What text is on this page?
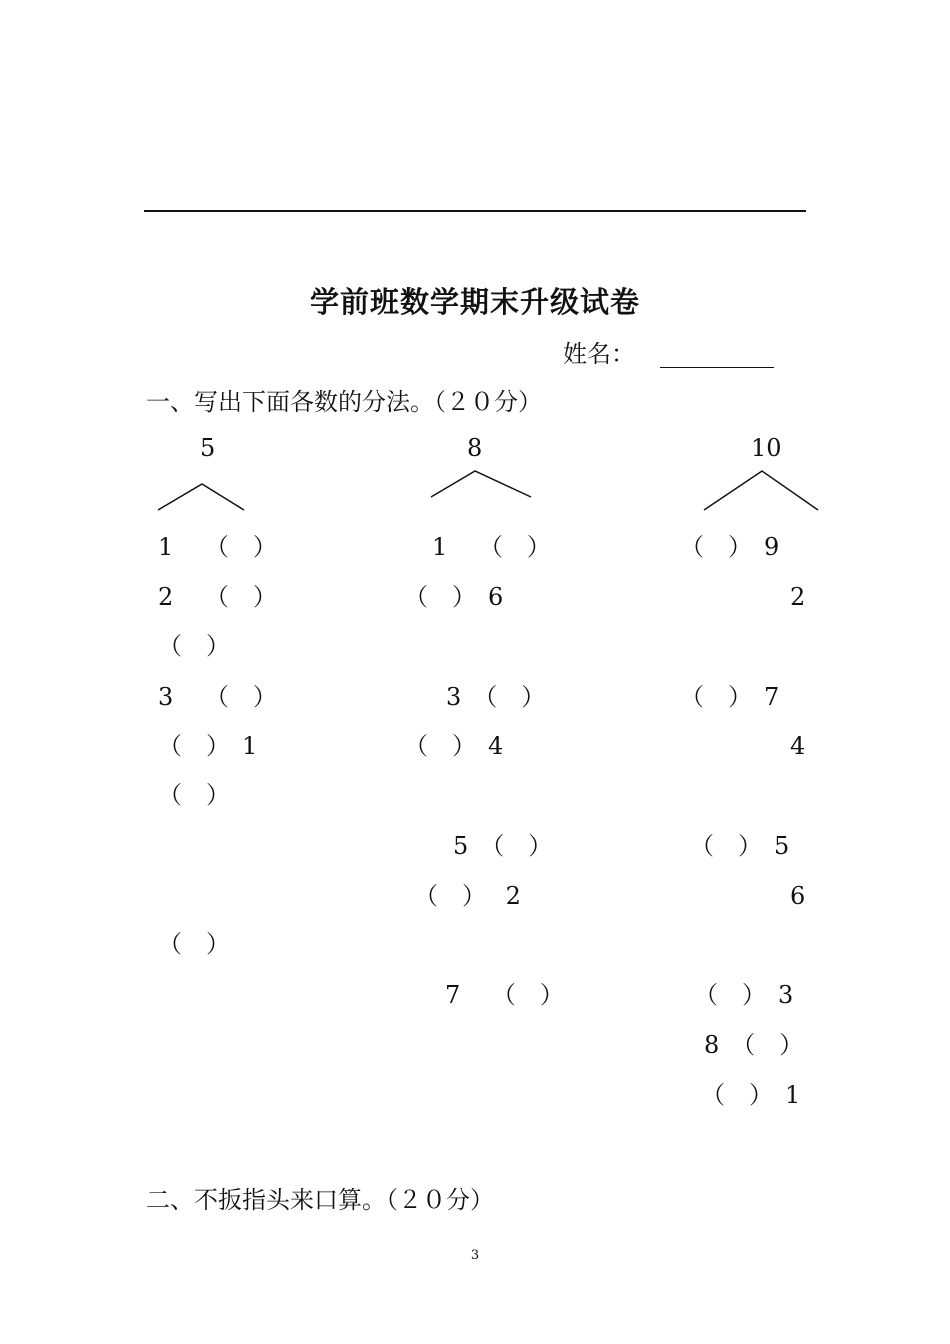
学前班数学期末升级试卷
姓名：
一、写出下面各数的分法。（２０分）
5	8	10
1　 （　）
2　 （　）
（　）
3　 （　）
（　）　1
（　）
（　）
1　 （　）
（　）　6
3　（　）
（　）　4
5　（　）
（　）　 2
7　 （　）
（　）　9
2
（　）　7
4
（　）　5
6
（　）　3
8　（　）
（　）　1
二、不扳指头来口算。（２０分）
3
